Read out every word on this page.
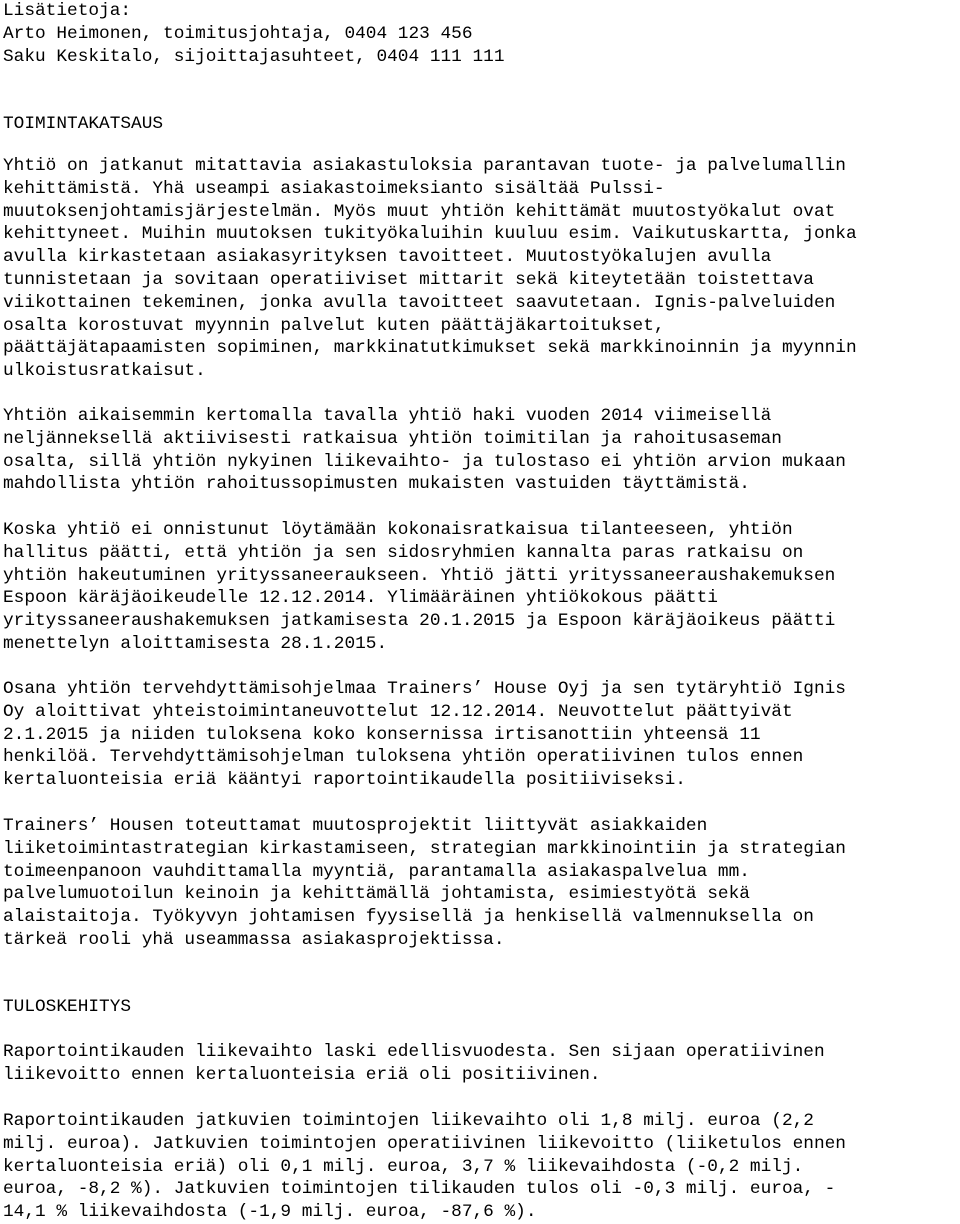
Lisätietoja:
Arto Heimonen, toimitusjohtaja, 0404 123 456
Saku Keskitalo, sijoittajasuhteet, 0404 111 111
TOIMINTAKATSAUS
Yhtiö on jatkanut mitattavia asiakastuloksia parantavan tuote- ja palvelumallin
kehittämistä. Yhä useampi asiakastoimeksianto sisältää Pulssi-
muutoksenjohtamisjärjestelmän. Myös muut yhtiön kehittämät muutostyökalut ovat
kehittyneet. Muihin muutoksen tukityökaluihin kuuluu esim. Vaikutuskartta, jonka
avulla kirkastetaan asiakasyrityksen tavoitteet. Muutostyökalujen avulla
tunnistetaan ja sovitaan operatiiviset mittarit sekä kiteytetään toistettava
viikottainen tekeminen, jonka avulla tavoitteet saavutetaan. Ignis-palveluiden
osalta korostuvat myynnin palvelut kuten päättäjäkartoitukset,
päättäjätapaamisten sopiminen, markkinatutkimukset sekä markkinoinnin ja myynnin
ulkoistusratkaisut.
Yhtiön aikaisemmin kertomalla tavalla yhtiö haki vuoden 2014 viimeisellä
neljänneksellä aktiivisesti ratkaisua yhtiön toimitilan ja rahoitusaseman
osalta, sillä yhtiön nykyinen liikevaihto- ja tulostaso ei yhtiön arvion mukaan
mahdollista yhtiön rahoitussopimusten mukaisten vastuiden täyttämistä.
Koska yhtiö ei onnistunut löytämään kokonaisratkaisua tilanteeseen, yhtiön
hallitus päätti, että yhtiön ja sen sidosryhmien kannalta paras ratkaisu on
yhtiön hakeutuminen yrityssaneeraukseen. Yhtiö jätti yrityssaneeraushakemuksen
Espoon käräjäoikeudelle 12.12.2014. Ylimääräinen yhtiökokous päätti
yrityssaneeraushakemuksen jatkamisesta 20.1.2015 ja Espoon käräjäoikeus päätti
menettelyn aloittamisesta 28.1.2015.
Osana yhtiön tervehdyttämisohjelmaa Trainers’ House Oyj ja sen tytäryhtiö Ignis
Oy aloittivat yhteistoimintaneuvottelut 12.12.2014. Neuvottelut päättyivät
2.1.2015 ja niiden tuloksena koko konsernissa irtisanottiin yhteensä 11
henkilöä. Tervehdyttämisohjelman tuloksena yhtiön operatiivinen tulos ennen
kertaluonteisia eriä kääntyi raportointikaudella positiiviseksi.
Trainers’ Housen toteuttamat muutosprojektit liittyvät asiakkaiden
liiketoimintastrategian kirkastamiseen, strategian markkinointiin ja strategian
toimeenpanoon vauhdittamalla myyntiä, parantamalla asiakaspalvelua mm.
palvelumuotoilun keinoin ja kehittämällä johtamista, esimiestyötä sekä
alaistaitoja. Työkyvyn johtamisen fyysisellä ja henkisellä valmennuksella on
tärkeä rooli yhä useammassa asiakasprojektissa.
TULOSKEHITYS
Raportointikauden liikevaihto laski edellisvuodesta. Sen sijaan operatiivinen
liikevoitto ennen kertaluonteisia eriä oli positiivinen.
Raportointikauden jatkuvien toimintojen liikevaihto oli 1,8 milj. euroa (2,2
milj. euroa). Jatkuvien toimintojen operatiivinen liikevoitto (liiketulos ennen
kertaluonteisia eriä) oli 0,1 milj. euroa, 3,7 % liikevaihdosta (-0,2 milj.
euroa, -8,2 %). Jatkuvien toimintojen tilikauden tulos oli -0,3 milj. euroa, -
14,1 % liikevaihdosta (-1,9 milj. euroa, -87,6 %).
